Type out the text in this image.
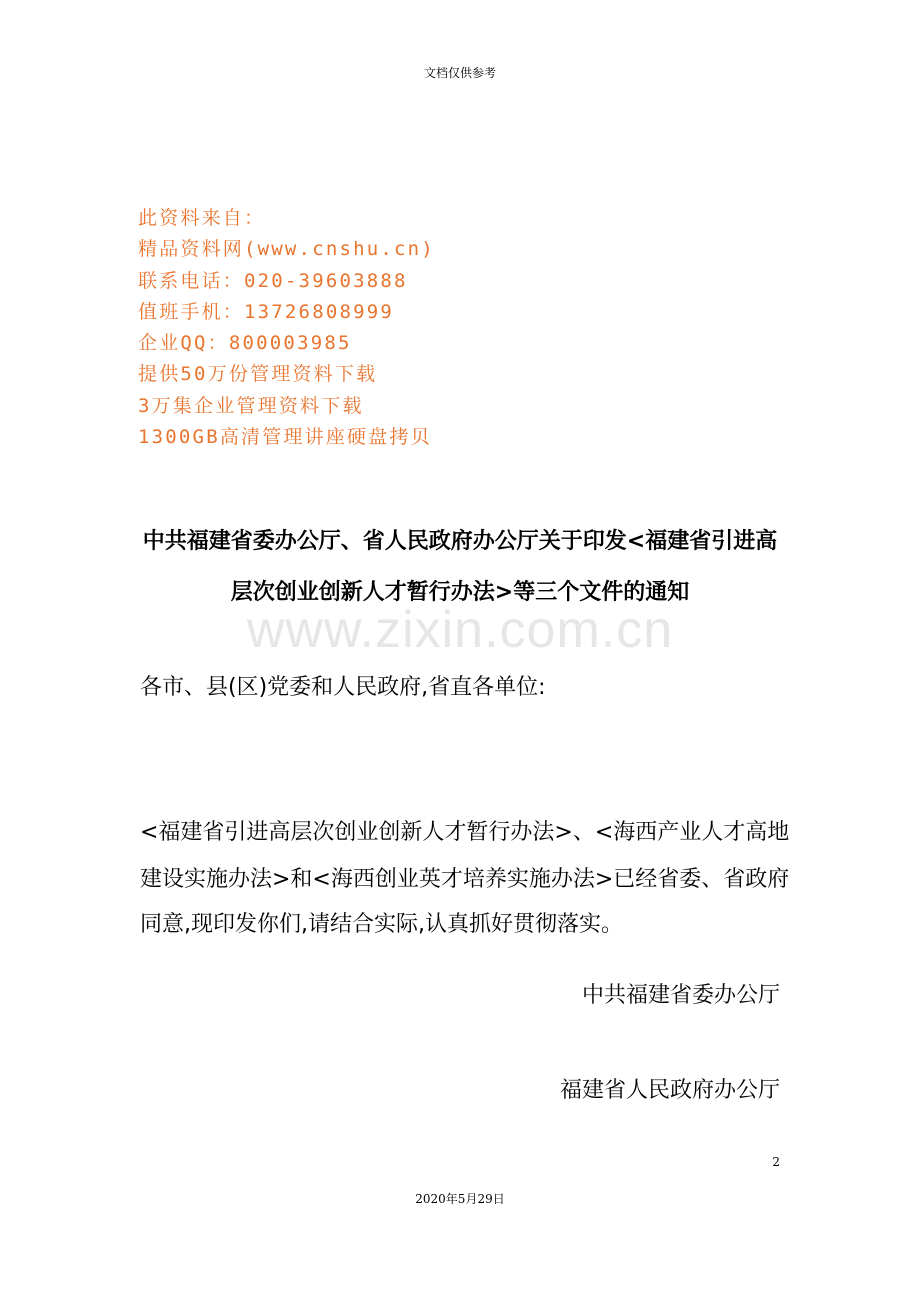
文档仅供参考
此资料来自：
精品资料网(www.cnshu.cn)
联系电话：020-39603888
值班手机：13726808999
企业QQ：800003985
提供50万份管理资料下载
3万集企业管理资料下载
1300GB高清管理讲座硬盘拷贝
www.zixin.com.cn
中共福建省委办公厅、省人民政府办公厅关于印发<福建省引进高
层次创业创新人才暂行办法>等三个文件的通知
各市、县(区)党委和人民政府,省直各单位:
<福建省引进高层次创业创新人才暂行办法>、<海西产业人才高地
建设实施办法>和<海西创业英才培养实施办法>已经省委、省政府
同意,现印发你们,请结合实际,认真抓好贯彻落实。
中共福建省委办公厅
福建省人民政府办公厅
2
2020年5月29日
